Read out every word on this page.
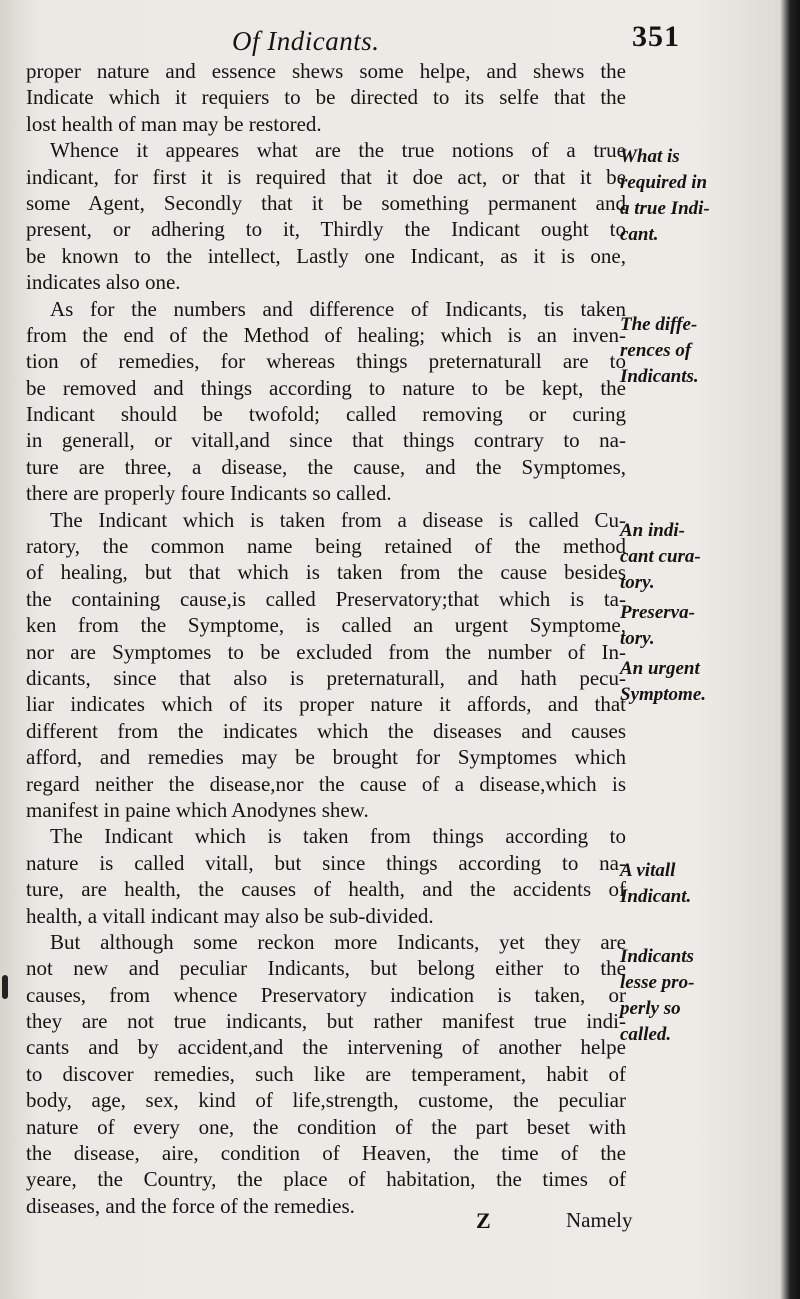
Of Indicants.	351
proper nature and essence shews some helpe, and shews the
Indicate which it requiers to be directed to its selfe that the
lost health of man may be restored.
Whence it appeares what are the true notions of a true
indicant, for first it is required that it doe act, or that it be
some Agent, Secondly that it be something permanent and
present, or adhering to it, Thirdly the Indicant ought to
be known to the intellect, Lastly one Indicant, as it is one,
indicates also one.
As for the numbers and difference of Indicants, tis taken
from the end of the Method of healing; which is an inven-
tion of remedies, for whereas things preternaturall are to
be removed and things according to nature to be kept, the
Indicant should be twofold; called removing or curing
in generall, or vitall,and since that things contrary to na-
ture are three, a disease, the cause, and the Symptomes,
there are properly foure Indicants so called.
The Indicant which is taken from a disease is called Cu-
ratory, the common name being retained of the method
of healing, but that which is taken from the cause besides
the containing cause,is called Preservatory;that which is ta-
ken from the Symptome, is called an urgent Symptome,
nor are Symptomes to be excluded from the number of In-
dicants, since that also is preternaturall, and hath pecu-
liar indicates which of its proper nature it affords, and that
different from the indicates which the diseases and causes
afford, and remedies may be brought for Symptomes which
regard neither the disease,nor the cause of a disease,which is
manifest in paine which Anodynes shew.
The Indicant which is taken from things according to
nature is called vitall, but since things according to na-
ture, are health, the causes of health, and the accidents of
health, a vitall indicant may also be sub-divided.
But although some reckon more Indicants, yet they are
not new and peculiar Indicants, but belong either to the
causes, from whence Preservatory indication is taken, or
they are not true indicants, but rather manifest true indi-
cants and by accident,and the intervening of another helpe
to discover remedies, such like are temperament, habit of
body, age, sex, kind of life,strength, custome, the peculiar
nature of every one, the condition of the part beset with
the disease, aire, condition of Heaven, the time of the
yeare, the Country, the place of habitation, the times of
diseases, and the force of the remedies.
What is
required in
a true Indi-
cant.
The diffe-
rences of
Indicants.
An indi-
cant cura-
tory.
Preserva-
tory.
An urgent
Symptome.
A vitall
Indicant.
Indicants
lesse pro-
perly so
called.
Z	Namely
